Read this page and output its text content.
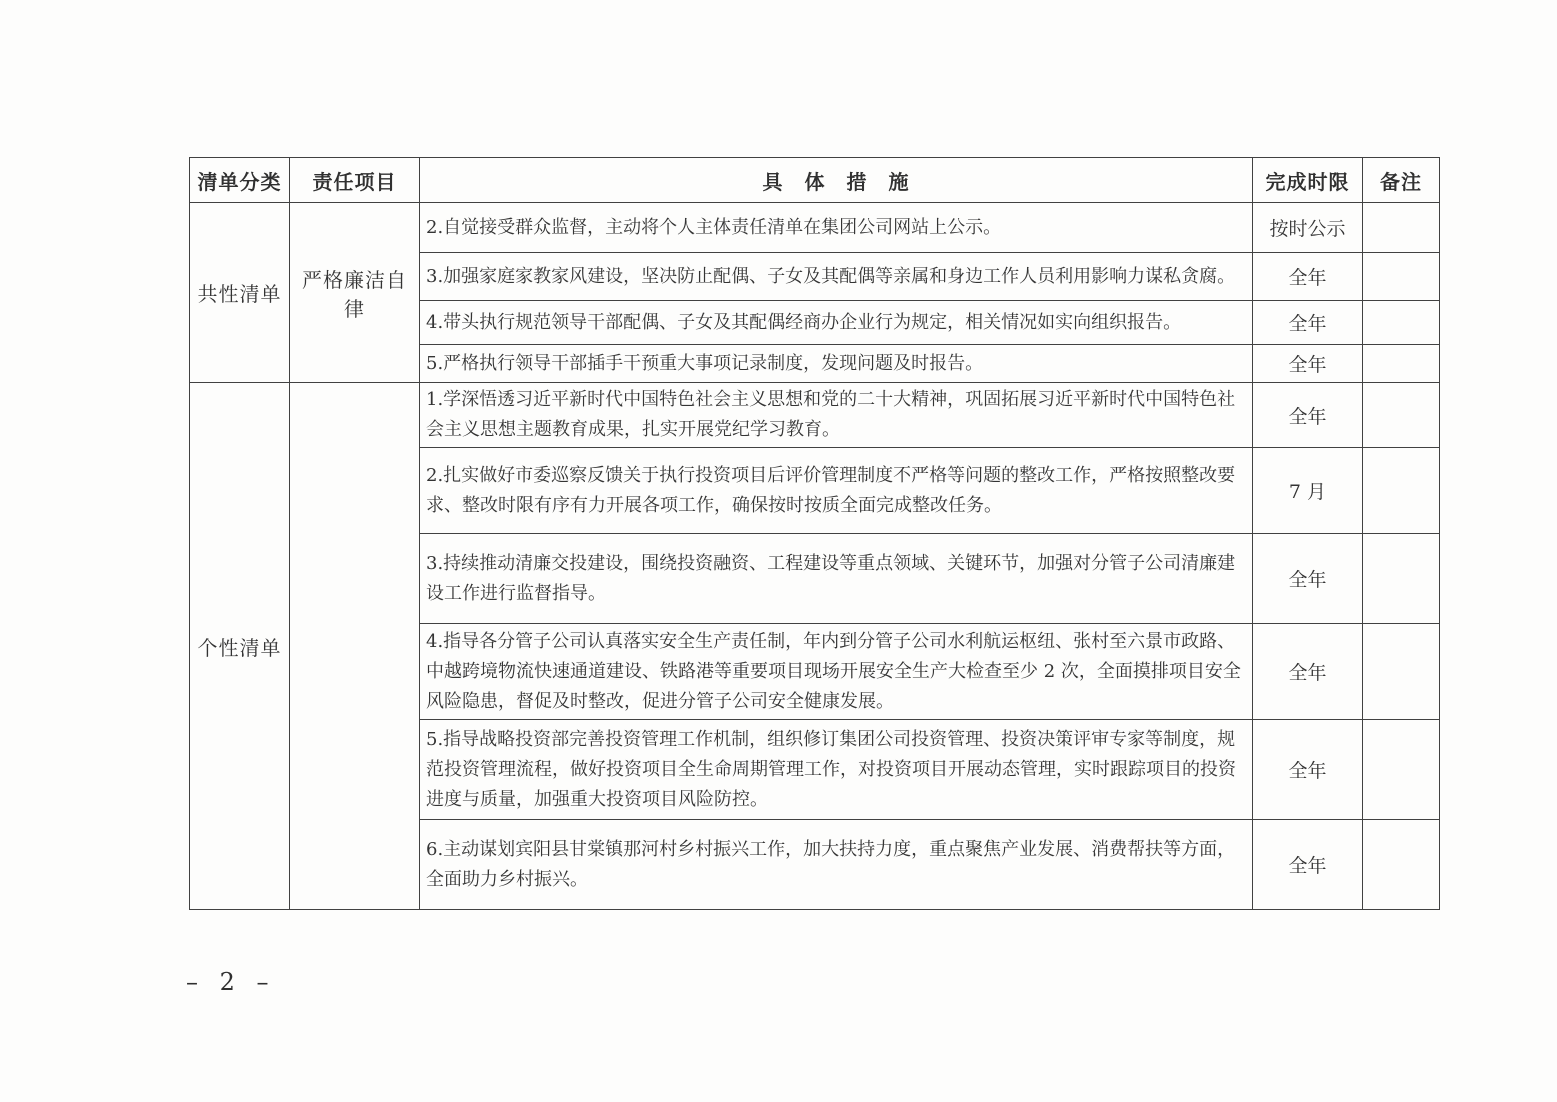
清单分类	责任项目	具　体　措　施	完成时限	备注
共性清单	严格廉洁自律	2.自觉接受群众监督，主动将个人主体责任清单在集团公司网站上公示。	按时公示	
		3.加强家庭家教家风建设，坚决防止配偶、子女及其配偶等亲属和身边工作人员利用影响力谋私贪腐。	全年	
		4.带头执行规范领导干部配偶、子女及其配偶经商办企业行为规定，相关情况如实向组织报告。	全年	
		5.严格执行领导干部插手干预重大事项记录制度，发现问题及时报告。	全年	
个性清单		1.学深悟透习近平新时代中国特色社会主义思想和党的二十大精神，巩固拓展习近平新时代中国特色社会主义思想主题教育成果，扎实开展党纪学习教育。	全年	
		2.扎实做好市委巡察反馈关于执行投资项目后评价管理制度不严格等问题的整改工作，严格按照整改要求、整改时限有序有力开展各项工作，确保按时按质全面完成整改任务。	7 月	
		3.持续推动清廉交投建设，围绕投资融资、工程建设等重点领域、关键环节，加强对分管子公司清廉建设工作进行监督指导。	全年	
		4.指导各分管子公司认真落实安全生产责任制，年内到分管子公司水利航运枢纽、张村至六景市政路、中越跨境物流快速通道建设、铁路港等重要项目现场开展安全生产大检查至少 2 次，全面摸排项目安全风险隐患，督促及时整改，促进分管子公司安全健康发展。	全年	
		5.指导战略投资部完善投资管理工作机制，组织修订集团公司投资管理、投资决策评审专家等制度，规范投资管理流程，做好投资项目全生命周期管理工作，对投资项目开展动态管理，实时跟踪项目的投资进度与质量，加强重大投资项目风险防控。	全年	
		6.主动谋划宾阳县甘棠镇那河村乡村振兴工作，加大扶持力度，重点聚焦产业发展、消费帮扶等方面，全面助力乡村振兴。	全年	
– 2 –
